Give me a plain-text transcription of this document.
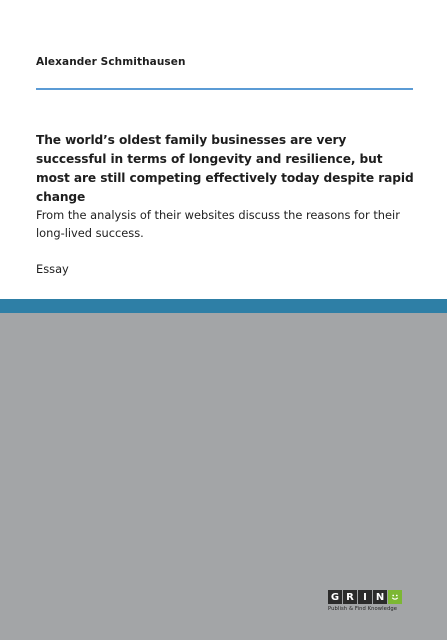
Alexander Schmithausen
The world’s oldest family businesses are very successful in terms of longevity and resilience, but most are still competing effectively today despite rapid change

From the analysis of their websites discuss the reasons for their long-lived success.

Essay
G R I N
Publish & Find Knowledge
